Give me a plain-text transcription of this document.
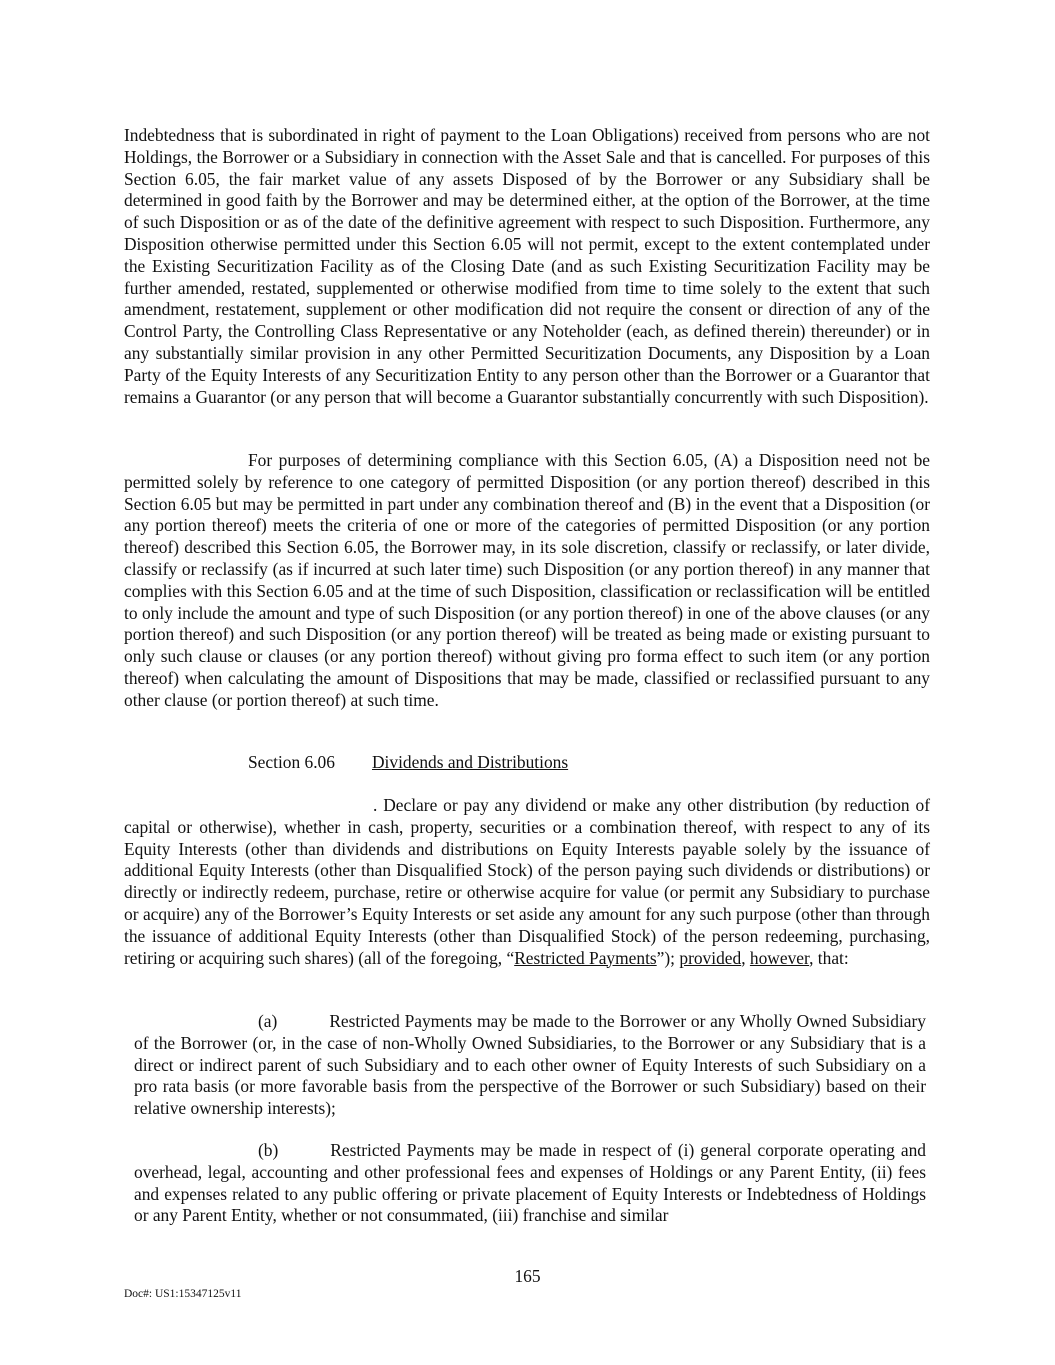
Indebtedness that is subordinated in right of payment to the Loan Obligations) received from persons who are not Holdings, the Borrower or a Subsidiary in connection with the Asset Sale and that is cancelled. For purposes of this Section 6.05, the fair market value of any assets Disposed of by the Borrower or any Subsidiary shall be determined in good faith by the Borrower and may be determined either, at the option of the Borrower, at the time of such Disposition or as of the date of the definitive agreement with respect to such Disposition. Furthermore, any Disposition otherwise permitted under this Section 6.05 will not permit, except to the extent contemplated under the Existing Securitization Facility as of the Closing Date (and as such Existing Securitization Facility may be further amended, restated, supplemented or otherwise modified from time to time solely to the extent that such amendment, restatement, supplement or other modification did not require the consent or direction of any of the Control Party, the Controlling Class Representative or any Noteholder (each, as defined therein) thereunder) or in any substantially similar provision in any other Permitted Securitization Documents, any Disposition by a Loan Party of the Equity Interests of any Securitization Entity to any person other than the Borrower or a Guarantor that remains a Guarantor (or any person that will become a Guarantor substantially concurrently with such Disposition).

For purposes of determining compliance with this Section 6.05, (A) a Disposition need not be permitted solely by reference to one category of permitted Disposition (or any portion thereof) described in this Section 6.05 but may be permitted in part under any combination thereof and (B) in the event that a Disposition (or any portion thereof) meets the criteria of one or more of the categories of permitted Disposition (or any portion thereof) described this Section 6.05, the Borrower may, in its sole discretion, classify or reclassify, or later divide, classify or reclassify (as if incurred at such later time) such Disposition (or any portion thereof) in any manner that complies with this Section 6.05 and at the time of such Disposition, classification or reclassification will be entitled to only include the amount and type of such Disposition (or any portion thereof) in one of the above clauses (or any portion thereof) and such Disposition (or any portion thereof) will be treated as being made or existing pursuant to only such clause or clauses (or any portion thereof) without giving pro forma effect to such item (or any portion thereof) when calculating the amount of Dispositions that may be made, classified or reclassified pursuant to any other clause (or portion thereof) at such time.

Section 6.06 Dividends and Distributions

. Declare or pay any dividend or make any other distribution (by reduction of capital or otherwise), whether in cash, property, securities or a combination thereof, with respect to any of its Equity Interests (other than dividends and distributions on Equity Interests payable solely by the issuance of additional Equity Interests (other than Disqualified Stock) of the person paying such dividends or distributions) or directly or indirectly redeem, purchase, retire or otherwise acquire for value (or permit any Subsidiary to purchase or acquire) any of the Borrower’s Equity Interests or set aside any amount for any such purpose (other than through the issuance of additional Equity Interests (other than Disqualified Stock) of the person redeeming, purchasing, retiring or acquiring such shares) (all of the foregoing, “Restricted Payments”); provided, however, that:

(a)	Restricted Payments may be made to the Borrower or any Wholly Owned Subsidiary of the Borrower (or, in the case of non-Wholly Owned Subsidiaries, to the Borrower or any Subsidiary that is a direct or indirect parent of such Subsidiary and to each other owner of Equity Interests of such Subsidiary on a pro rata basis (or more favorable basis from the perspective of the Borrower or such Subsidiary) based on their relative ownership interests);

(b)	Restricted Payments may be made in respect of (i) general corporate operating and overhead, legal, accounting and other professional fees and expenses of Holdings or any Parent Entity, (ii) fees and expenses related to any public offering or private placement of Equity Interests or Indebtedness of Holdings or any Parent Entity, whether or not consummated, (iii) franchise and similar

165
Doc#: US1:15347125v11
